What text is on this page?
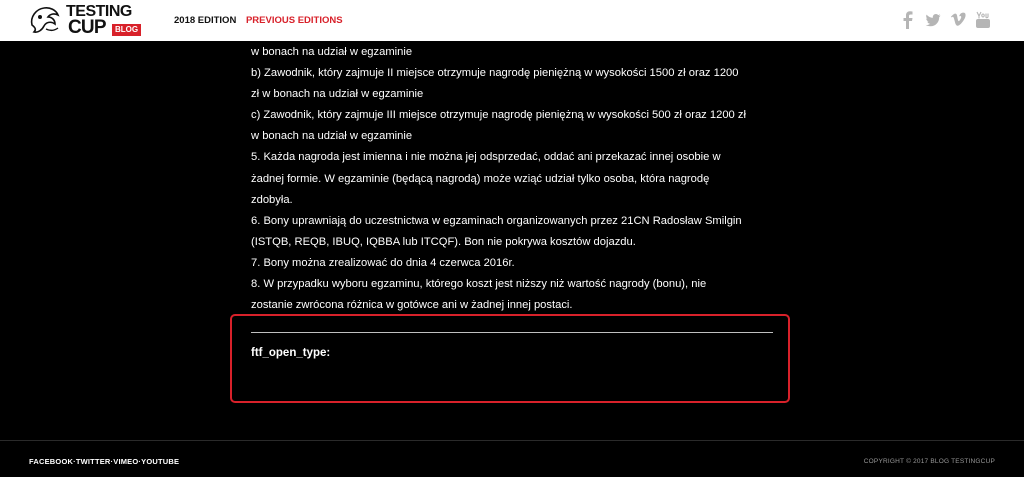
TESTING
CUP	BLOG
2018 EDITION PREVIOUS EDITIONS

w bonach na udział w egzaminie

b) Zawodnik, który zajmuje II miejsce otrzymuje nagrodę pieniężną w wysokości 1500 zł oraz 1200

zł w bonach na udział w egzaminie

c) Zawodnik, który zajmuje III miejsce otrzymuje nagrodę pieniężną w wysokości 500 zł oraz 1200 zł

w bonach na udział w egzaminie

5. Każda nagroda jest imienna i nie można jej odsprzedać, oddać ani przekazać innej osobie w

żadnej formie. W egzaminie (będącą nagrodą) może wziąć udział tylko osoba, która nagrodę

zdobyła.

6. Bony uprawniają do uczestnictwa w egzaminach organizowanych przez 21CN Radosław Smilgin

(ISTQB, REQB, IBUQ, IQBBA lub ITCQF). Bon nie pokrywa kosztów dojazdu.

7. Bony można zrealizować do dnia 4 czerwca 2016r.

8. W przypadku wyboru egzaminu, którego koszt jest niższy niż wartość nagrody (bonu), nie

zostanie zwrócona różnica w gotówce ani w żadnej innej postaci.

ftf_open_type:
FACEBOOK·TWITTER·VIMEO·YOUTUBE	COPYRIGHT © 2017 BLOG TESTINGCUP
